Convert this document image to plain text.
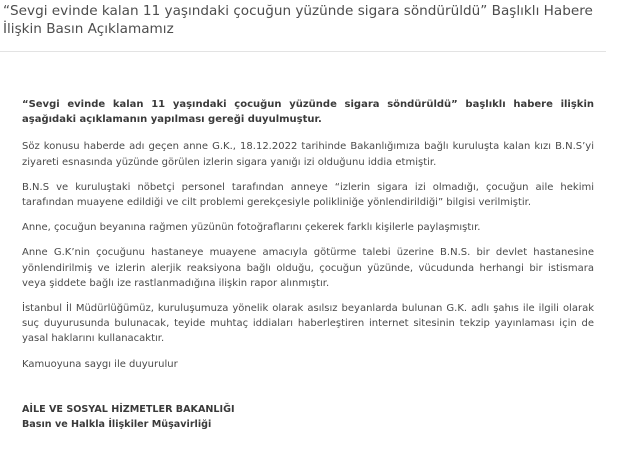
“Sevgi evinde kalan 11 yaşındaki çocuğun yüzünde sigara söndürüldü” Başlıklı Habere İlişkin Basın Açıklamamız

“Sevgi evinde kalan 11 yaşındaki çocuğun yüzünde sigara söndürüldü” başlıklı habere ilişkin aşağıdaki açıklamanın yapılması gereği duyulmuştur.

Söz konusu haberde adı geçen anne G.K., 18.12.2022 tarihinde Bakanlığımıza bağlı kuruluşta kalan kızı B.N.S’yi ziyareti esnasında yüzünde görülen izlerin sigara yanığı izi olduğunu iddia etmiştir.

B.N.S ve kuruluştaki nöbetçi personel tarafından anneye “izlerin sigara izi olmadığı, çocuğun aile hekimi tarafından muayene edildiği ve cilt problemi gerekçesiyle polikliniğe yönlendirildiği” bilgisi verilmiştir.

Anne, çocuğun beyanına rağmen yüzünün fotoğraflarını çekerek farklı kişilerle paylaşmıştır.

Anne G.K’nin çocuğunu hastaneye muayene amacıyla götürme talebi üzerine B.N.S. bir devlet hastanesine yönlendirilmiş ve izlerin alerjik reaksiyona bağlı olduğu, çocuğun yüzünde, vücudunda herhangi bir istismara veya şiddete bağlı ize rastlanmadığına ilişkin rapor alınmıştır.

İstanbul İl Müdürlüğümüz, kuruluşumuza yönelik olarak asılsız beyanlarda bulunan G.K. adlı şahıs ile ilgili olarak suç duyurusunda bulunacak, teyide muhtaç iddiaları haberleştiren internet sitesinin tekzip yayınlaması için de yasal haklarını kullanacaktır.

Kamuoyuna saygı ile duyurulur

AİLE VE SOSYAL HİZMETLER BAKANLIĞI

Basın ve Halkla İlişkiler Müşavirliği
